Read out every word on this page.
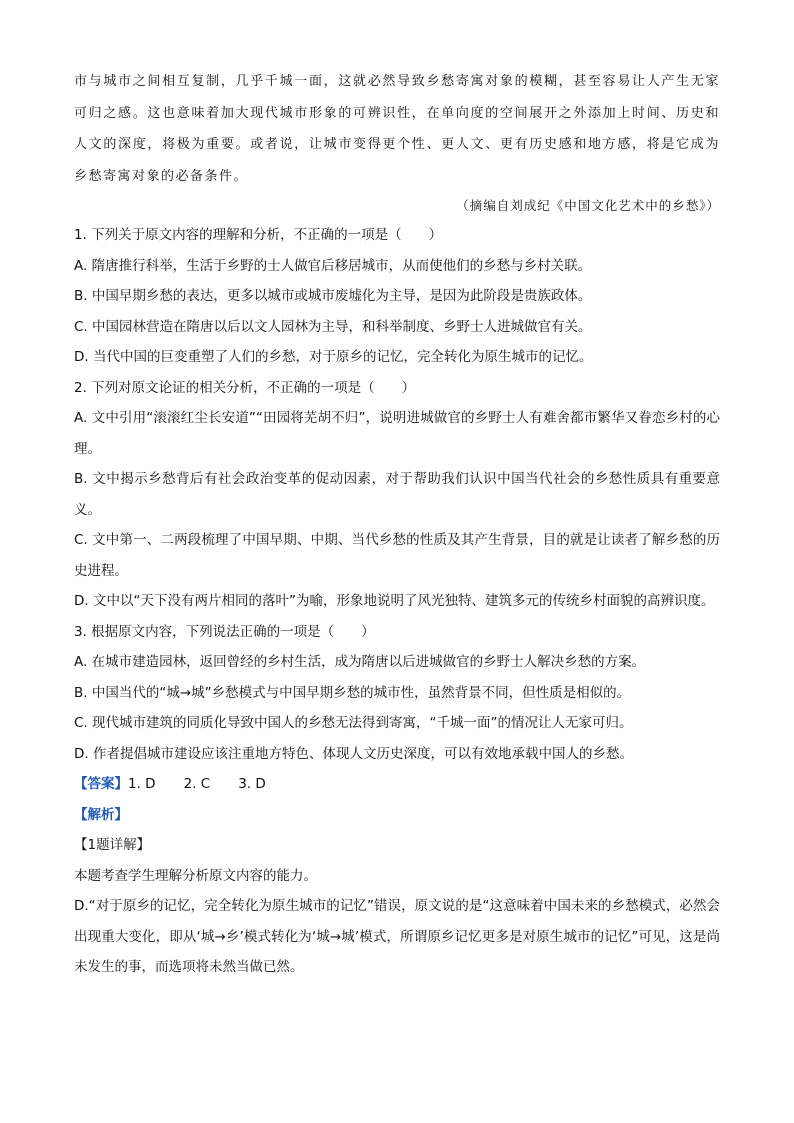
市与城市之间相互复制，几乎千城一面，这就必然导致乡愁寄寓对象的模糊，甚至容易让人产生无家可归之感。这也意味着加大现代城市形象的可辨识性，在单向度的空间展开之外添加上时间、历史和人文的深度，将极为重要。或者说，让城市变得更个性、更人文、更有历史感和地方感，将是它成为乡愁寄寓对象的必备条件。

（摘编自刘成纪《中国文化艺术中的乡愁》）

1. 下列关于原文内容的理解和分析，不正确的一项是（　　）

A. 隋唐推行科举，生活于乡野的士人做官后移居城市，从而使他们的乡愁与乡村关联。

B. 中国早期乡愁的表达，更多以城市或城市废墟化为主导，是因为此阶段是贵族政体。

C. 中国园林营造在隋唐以后以文人园林为主导，和科举制度、乡野士人进城做官有关。

D. 当代中国的巨变重塑了人们的乡愁，对于原乡的记忆，完全转化为原生城市的记忆。

2. 下列对原文论证的相关分析，不正确的一项是（　　）

A. 文中引用“滚滚红尘长安道”“田园将芜胡不归”，说明进城做官的乡野士人有难舍都市繁华又眷恋乡村的心理。

B. 文中揭示乡愁背后有社会政治变革的促动因素，对于帮助我们认识中国当代社会的乡愁性质具有重要意义。

C. 文中第一、二两段梳理了中国早期、中期、当代乡愁的性质及其产生背景，目的就是让读者了解乡愁的历史进程。

D. 文中以“天下没有两片相同的落叶”为喻，形象地说明了风光独特、建筑多元的传统乡村面貌的高辨识度。

3. 根据原文内容，下列说法正确的一项是（　　）

A. 在城市建造园林，返回曾经的乡村生活，成为隋唐以后进城做官的乡野士人解决乡愁的方案。

B. 中国当代的“城→城”乡愁模式与中国早期乡愁的城市性，虽然背景不同，但性质是相似的。

C. 现代城市建筑的同质化导致中国人的乡愁无法得到寄寓，“千城一面”的情况让人无家可归。

D. 作者提倡城市建设应该注重地方特色、体现人文历史深度，可以有效地承载中国人的乡愁。

【答案】1. D 2. C 3. D

【解析】

【1题详解】

本题考查学生理解分析原文内容的能力。

D.“对于原乡的记忆，完全转化为原生城市的记忆”错误，原文说的是“这意味着中国未来的乡愁模式，必然会出现重大变化，即从‘城→乡’模式转化为‘城→城’模式，所谓原乡记忆更多是对原生城市的记忆”可见，这是尚未发生的事，而选项将未然当做已然。
